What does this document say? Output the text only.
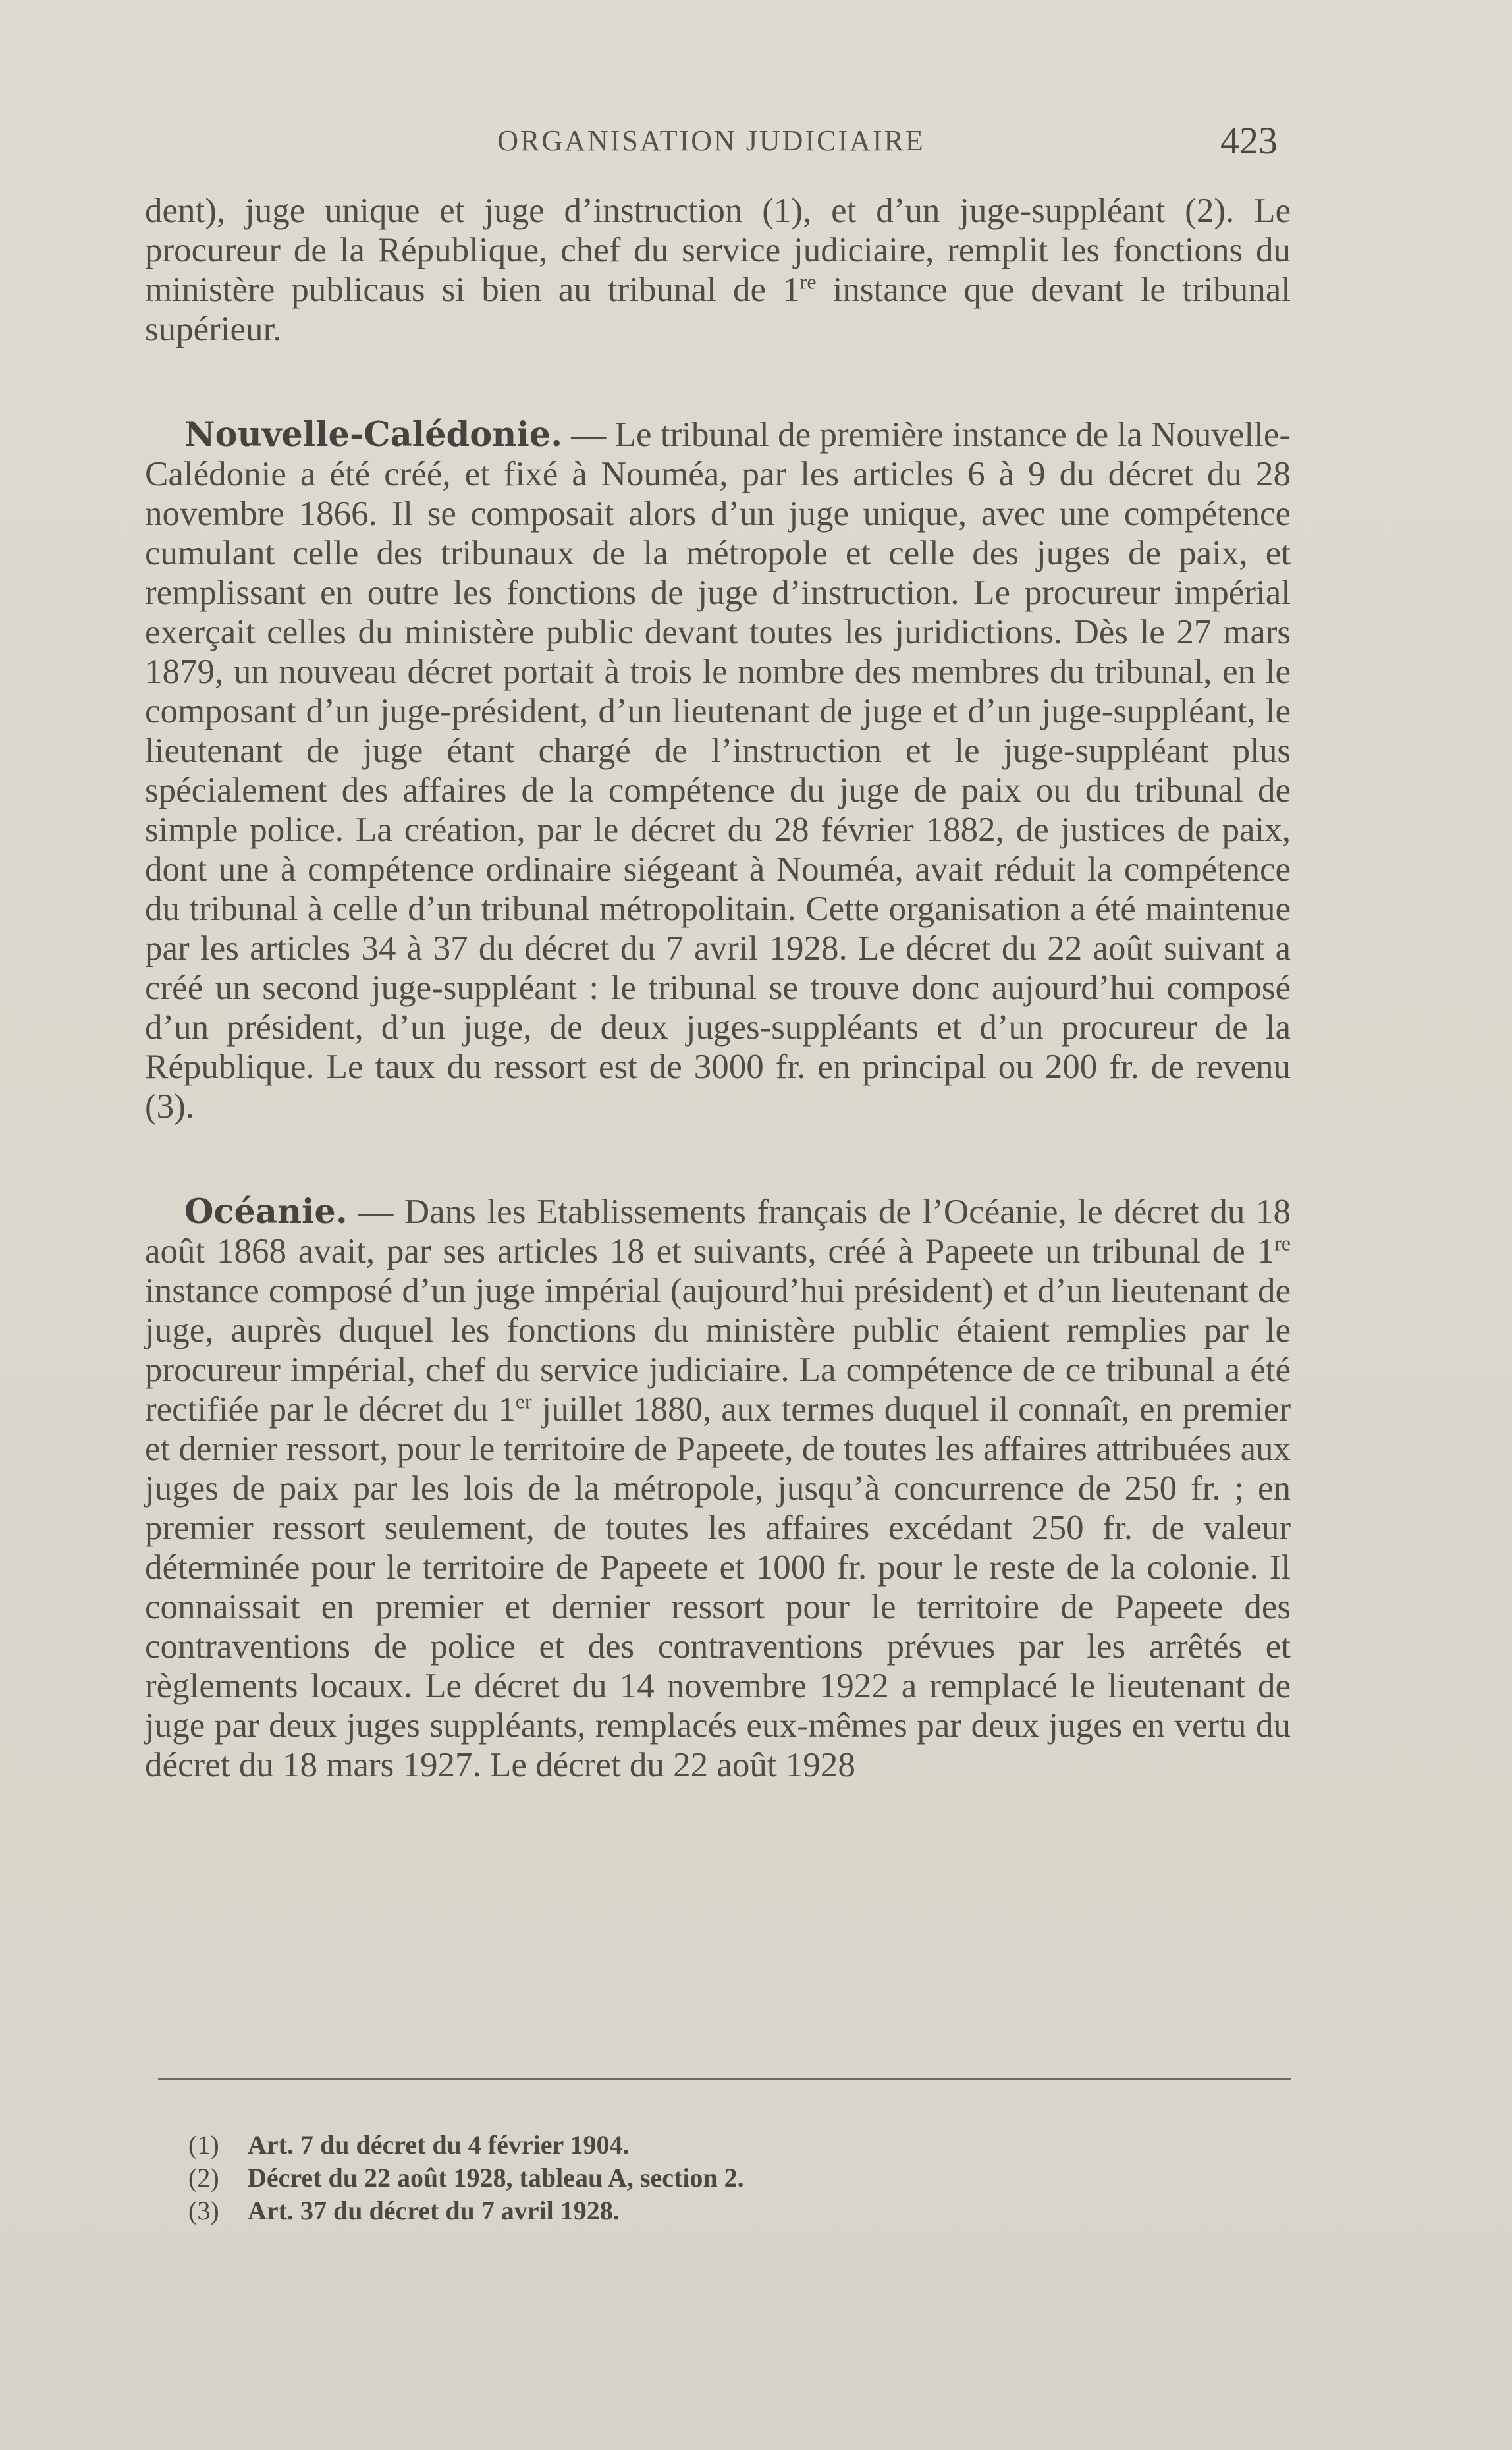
ORGANISATION JUDICIAIRE	423

dent), juge unique et juge d’instruction (1), et d’un juge-suppléant (2). Le procureur de la République, chef du service judiciaire, remplit les fonctions du ministère publicaus si bien au tribunal de 1re instance que devant le tribunal supérieur.

Nouvelle-Calédonie. — Le tribunal de première instance de la Nouvelle-Calédonie a été créé, et fixé à Nouméa, par les articles 6 à 9 du décret du 28 novembre 1866. Il se composait alors d’un juge unique, avec une compétence cumulant celle des tribunaux de la métropole et celle des juges de paix, et remplissant en outre les fonctions de juge d’instruction. Le procureur impérial exerçait celles du ministère public devant toutes les juridictions. Dès le 27 mars 1879, un nouveau décret portait à trois le nombre des membres du tribunal, en le composant d’un juge-président, d’un lieutenant de juge et d’un juge-suppléant, le lieutenant de juge étant chargé de l’instruction et le juge-suppléant plus spécialement des affaires de la compétence du juge de paix ou du tribunal de simple police. La création, par le décret du 28 février 1882, de justices de paix, dont une à compétence ordinaire siégeant à Nouméa, avait réduit la compétence du tribunal à celle d’un tribunal métropolitain. Cette organisation a été maintenue par les articles 34 à 37 du décret du 7 avril 1928. Le décret du 22 août suivant a créé un second juge-suppléant : le tribunal se trouve donc aujourd’hui composé d’un président, d’un juge, de deux juges-suppléants et d’un procureur de la République. Le taux du ressort est de 3000 fr. en principal ou 200 fr. de revenu (3).

Océanie. — Dans les Etablissements français de l’Océanie, le décret du 18 août 1868 avait, par ses articles 18 et suivants, créé à Papeete un tribunal de 1re instance composé d’un juge impérial (aujourd’hui président) et d’un lieutenant de juge, auprès duquel les fonctions du ministère public étaient remplies par le procureur impérial, chef du service judiciaire. La compétence de ce tribunal a été rectifiée par le décret du 1er juillet 1880, aux termes duquel il connaît, en premier et dernier ressort, pour le territoire de Papeete, de toutes les affaires attribuées aux juges de paix par les lois de la métropole, jusqu’à concurrence de 250 fr. ; en premier ressort seulement, de toutes les affaires excédant 250 fr. de valeur déterminée pour le territoire de Papeete et 1000 fr. pour le reste de la colonie. Il connaissait en premier et dernier ressort pour le territoire de Papeete des contraventions de police et des contraventions prévues par les arrêtés et règlements locaux. Le décret du 14 novembre 1922 a remplacé le lieutenant de juge par deux juges suppléants, remplacés eux-mêmes par deux juges en vertu du décret du 18 mars 1927. Le décret du 22 août 1928

(1) Art. 7 du décret du 4 février 1904.
(2) Décret du 22 août 1928, tableau A, section 2.
(3) Art. 37 du décret du 7 avril 1928.
